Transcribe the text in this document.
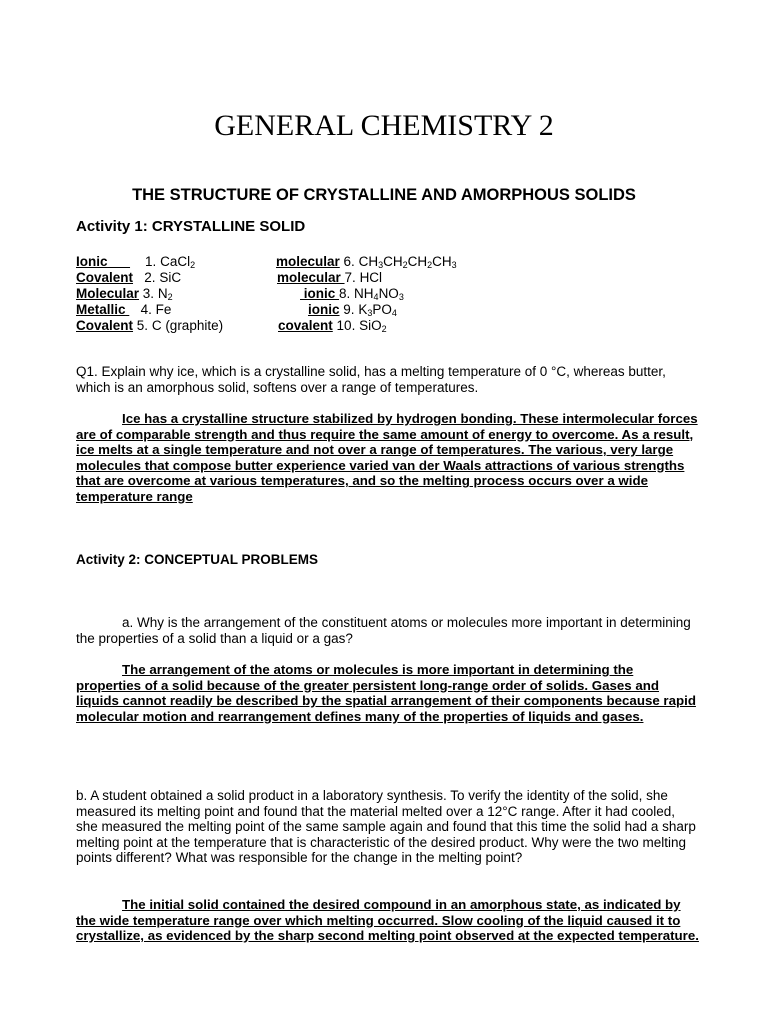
GENERAL CHEMISTRY 2
THE STRUCTURE OF CRYSTALLINE AND AMORPHOUS SOLIDS
Activity 1: CRYSTALLINE SOLID
Ionic	1. CaCl$_2$
Covalent 2. SiC
Molecular 3. $N_2$
Metallic 4. Fe
Covalent 5. C (graphite)
molecular 6. $CH_3CH_2CH_2CH_3$
molecular 7. HCl
ionic 8. $NH_4NO_3$
ionic 9. $K_3PO_4$
covalent 10. SiO$_2$
Q1. Explain why ice, which is a crystalline solid, has a melting temperature of 0 °C, whereas butter, which is an amorphous solid, softens over a range of temperatures.
Ice has a crystalline structure stabilized by hydrogen bonding. These intermolecular forces are of comparable strength and thus require the same amount of energy to overcome. As a result, ice melts at a single temperature and not over a range of temperatures. The various, very large molecules that compose butter experience varied van der Waals attractions of various strengths that are overcome at various temperatures, and so the melting process occurs over a wide temperature range
Activity 2: CONCEPTUAL PROBLEMS
a. Why is the arrangement of the constituent atoms or molecules more important in determining the properties of a solid than a liquid or a gas?
The arrangement of the atoms or molecules is more important in determining the properties of a solid because of the greater persistent long-range order of solids. Gases and liquids cannot readily be described by the spatial arrangement of their components because rapid molecular motion and rearrangement defines many of the properties of liquids and gases.
b. A student obtained a solid product in a laboratory synthesis. To verify the identity of the solid, she measured its melting point and found that the material melted over a 12°C range. After it had cooled, she measured the melting point of the same sample again and found that this time the solid had a sharp melting point at the temperature that is characteristic of the desired product. Why were the two melting points different? What was responsible for the change in the melting point?
The initial solid contained the desired compound in an amorphous state, as indicated by the wide temperature range over which melting occurred. Slow cooling of the liquid caused it to crystallize, as evidenced by the sharp second melting point observed at the expected temperature.
